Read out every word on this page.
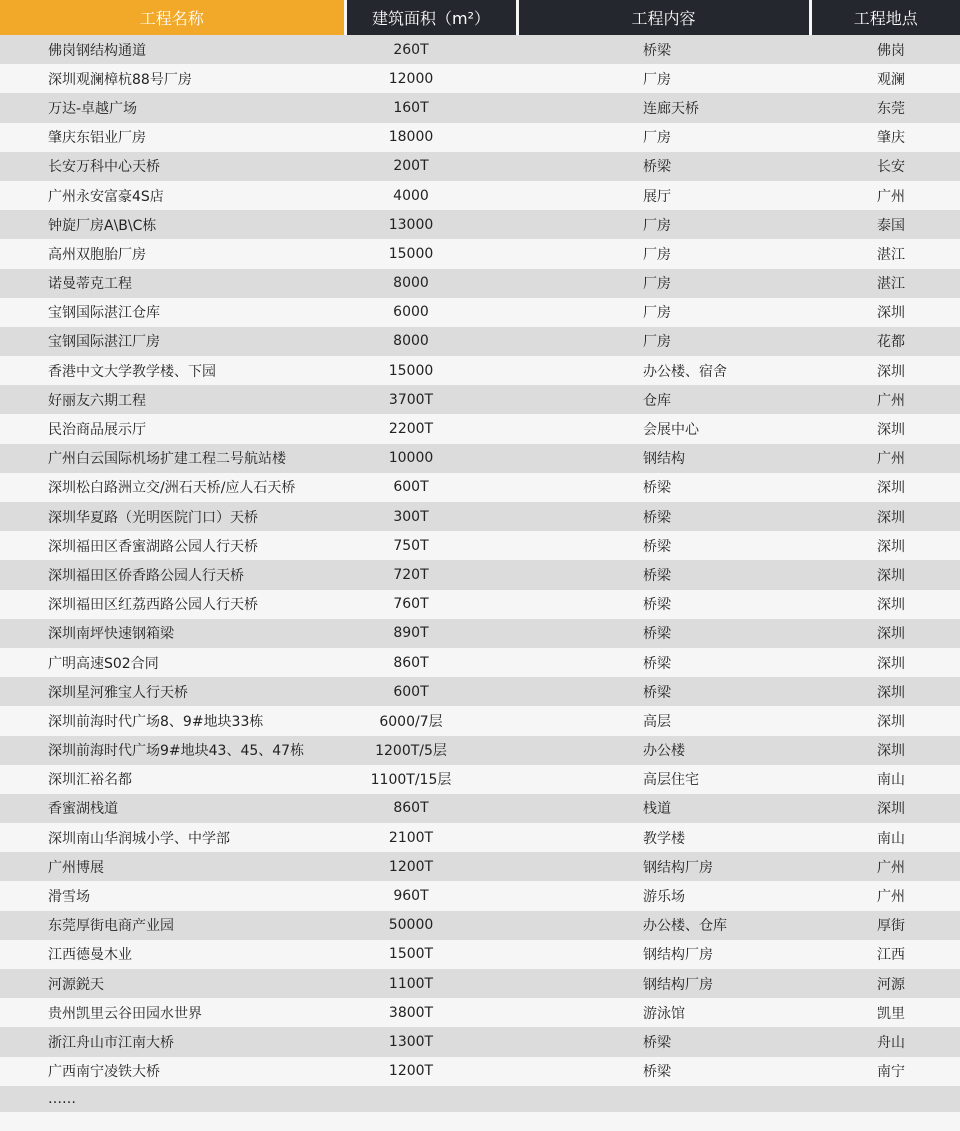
工程名称	建筑面积（m²）	工程内容	工程地点
佛岗钢结构通道	260T	桥梁	佛岗
深圳观澜樟杭88号厂房	12000	厂房	观澜
万达-卓越广场	160T	连廊天桥	东莞
肇庆东铝业厂房	18000	厂房	肇庆
长安万科中心天桥	200T	桥梁	长安
广州永安富豪4S店	4000	展厅	广州
钟旋厂房A\B\C栋	13000	厂房	泰国
高州双胞胎厂房	15000	厂房	湛江
诺曼蒂克工程	8000	厂房	湛江
宝钢国际湛江仓库	6000	厂房	深圳
宝钢国际湛江厂房	8000	厂房	花都
香港中文大学教学楼、下园	15000	办公楼、宿舍	深圳
好丽友六期工程	3700T	仓库	广州
民治商品展示厅	2200T	会展中心	深圳
广州白云国际机场扩建工程二号航站楼	10000	钢结构	广州
深圳松白路洲立交/洲石天桥/应人石天桥	600T	桥梁	深圳
深圳华夏路（光明医院门口）天桥	300T	桥梁	深圳
深圳福田区香蜜湖路公园人行天桥	750T	桥梁	深圳
深圳福田区侨香路公园人行天桥	720T	桥梁	深圳
深圳福田区红荔西路公园人行天桥	760T	桥梁	深圳
深圳南坪快速钢箱梁	890T	桥梁	深圳
广明高速S02合同	860T	桥梁	深圳
深圳星河雅宝人行天桥	600T	桥梁	深圳
深圳前海时代广场8、9#地块33栋	6000/7层	高层	深圳
深圳前海时代广场9#地块43、45、47栋	1200T/5层	办公楼	深圳
深圳汇裕名都	1100T/15层	高层住宅	南山
香蜜湖栈道	860T	栈道	深圳
深圳南山华润城小学、中学部	2100T	教学楼	南山
广州博展	1200T	钢结构厂房	广州
滑雪场	960T	游乐场	广州
东莞厚街电商产业园	50000	办公楼、仓库	厚街
江西德曼木业	1500T	钢结构厂房	江西
河源鋭天	1100T	钢结构厂房	河源
贵州凯里云谷田园水世界	3800T	游泳馆	凯里
浙江舟山市江南大桥	1300T	桥梁	舟山
广西南宁凌铁大桥	1200T	桥梁	南宁
……			
